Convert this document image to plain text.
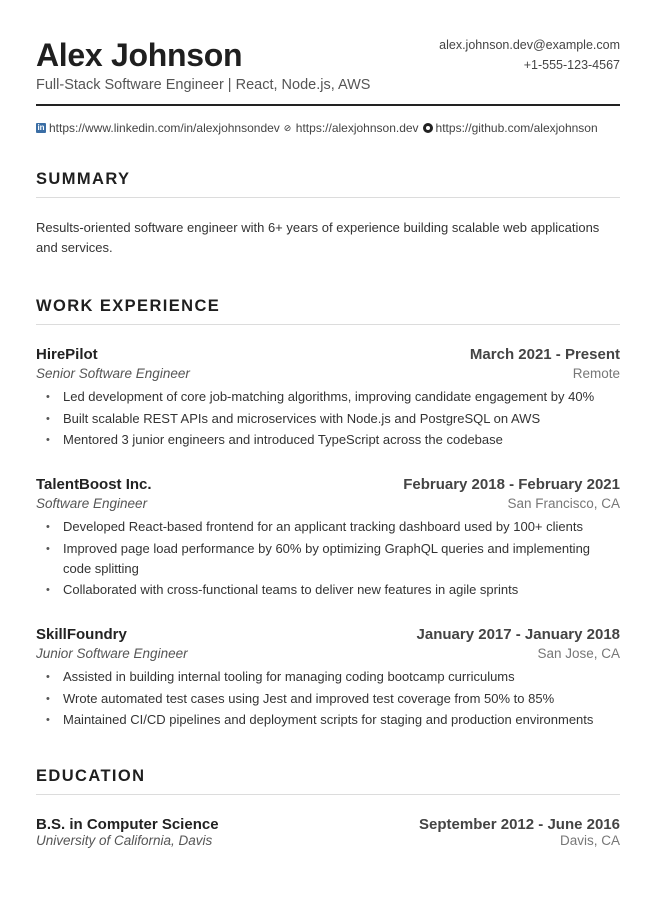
Alex Johnson
Full-Stack Software Engineer | React, Node.js, AWS
alex.johnson.dev@example.com
+1-555-123-4567
in https://www.linkedin.com/in/alexjohnsondev ⊘ https://alexjohnson.dev https://github.com/alexjohnson
SUMMARY
Results-oriented software engineer with 6+ years of experience building scalable web applications and services.
WORK EXPERIENCE
HirePilot	March 2021 - Present
Senior Software Engineer	Remote
• Led development of core job-matching algorithms, improving candidate engagement by 40%
• Built scalable REST APIs and microservices with Node.js and PostgreSQL on AWS
• Mentored 3 junior engineers and introduced TypeScript across the codebase
TalentBoost Inc.	February 2018 - February 2021
Software Engineer	San Francisco, CA
• Developed React-based frontend for an applicant tracking dashboard used by 100+ clients
• Improved page load performance by 60% by optimizing GraphQL queries and implementing code splitting
• Collaborated with cross-functional teams to deliver new features in agile sprints
SkillFoundry	January 2017 - January 2018
Junior Software Engineer	San Jose, CA
• Assisted in building internal tooling for managing coding bootcamp curriculums
• Wrote automated test cases using Jest and improved test coverage from 50% to 85%
• Maintained CI/CD pipelines and deployment scripts for staging and production environments
EDUCATION
B.S. in Computer Science	September 2012 - June 2016
University of California, Davis	Davis, CA
